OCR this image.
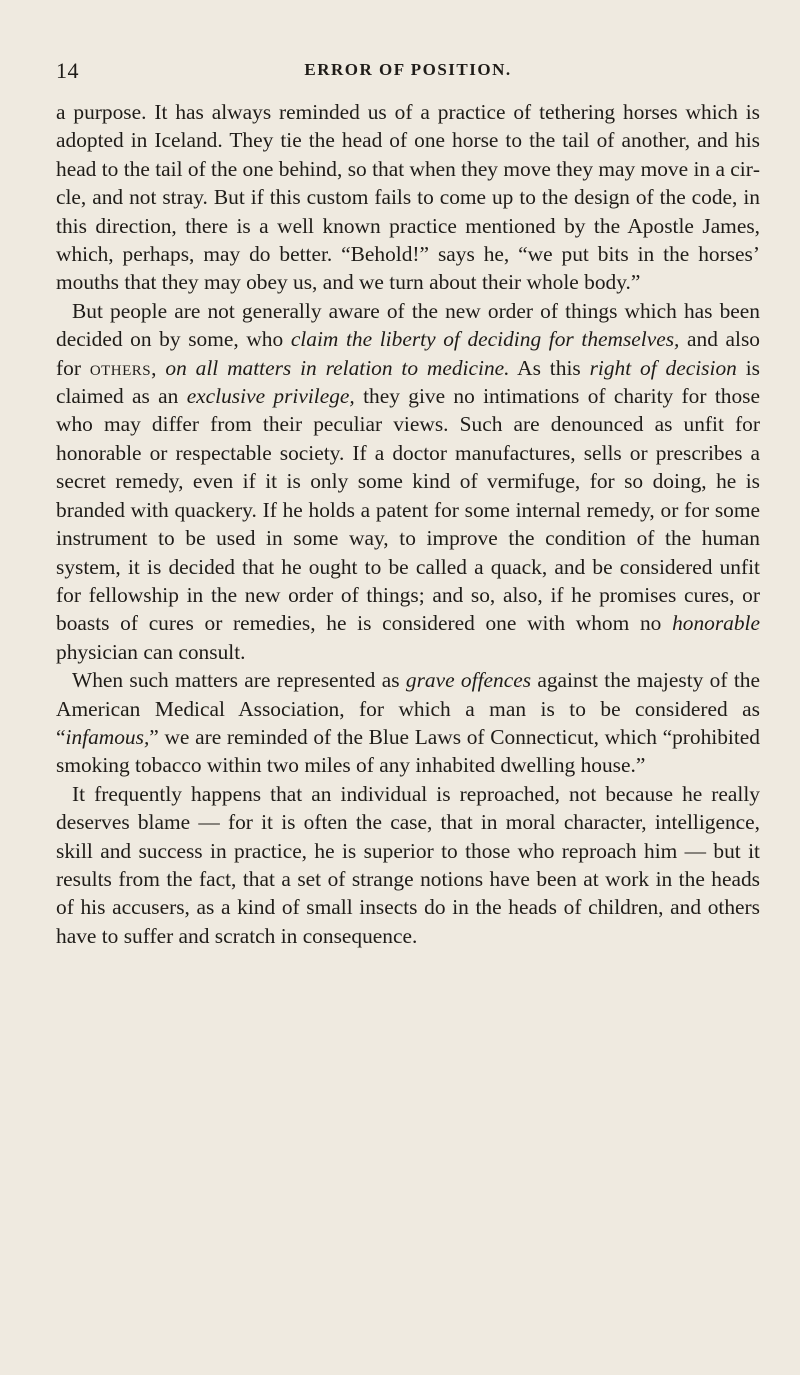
14	ERROR OF POSITION.

a purpose. It has always reminded us of a practice of tethering horses which is adopted in Iceland. They tie the head of one horse to the tail of another, and his head to the tail of the one behind, so that when they move they may move in a circle, and not stray. But if this custom fails to come up to the design of the code, in this direction, there is a well known practice mentioned by the Apostle James, which, perhaps, may do better. “Behold!” says he, “we put bits in the horses’ mouths that they may obey us, and we turn about their whole body.”

But people are not generally aware of the new order of things which has been decided on by some, who claim the liberty of deciding for themselves, and also for others, on all matters in relation to medicine. As this right of decision is claimed as an exclusive privilege, they give no intimations of charity for those who may differ from their peculiar views. Such are denounced as unfit for honorable or respectable society. If a doctor manufactures, sells or prescribes a secret remedy, even if it is only some kind of vermifuge, for so doing, he is branded with quackery. If he holds a patent for some internal remedy, or for some instrument to be used in some way, to improve the condition of the human system, it is decided that he ought to be called a quack, and be considered unfit for fellowship in the new order of things; and so, also, if he promises cures, or boasts of cures or remedies, he is considered one with whom no honorable physician can consult.

When such matters are represented as grave offences against the majesty of the American Medical Association, for which a man is to be considered as “infamous,” we are reminded of the Blue Laws of Connecticut, which “prohibited smoking tobacco within two miles of any inhabited dwelling house.”

It frequently happens that an individual is reproached, not because he really deserves blame — for it is often the case, that in moral character, intelligence, skill and success in practice, he is superior to those who reproach him — but it results from the fact, that a set of strange notions have been at work in the heads of his accusers, as a kind of small insects do in the heads of children, and others have to suffer and scratch in consequence.
